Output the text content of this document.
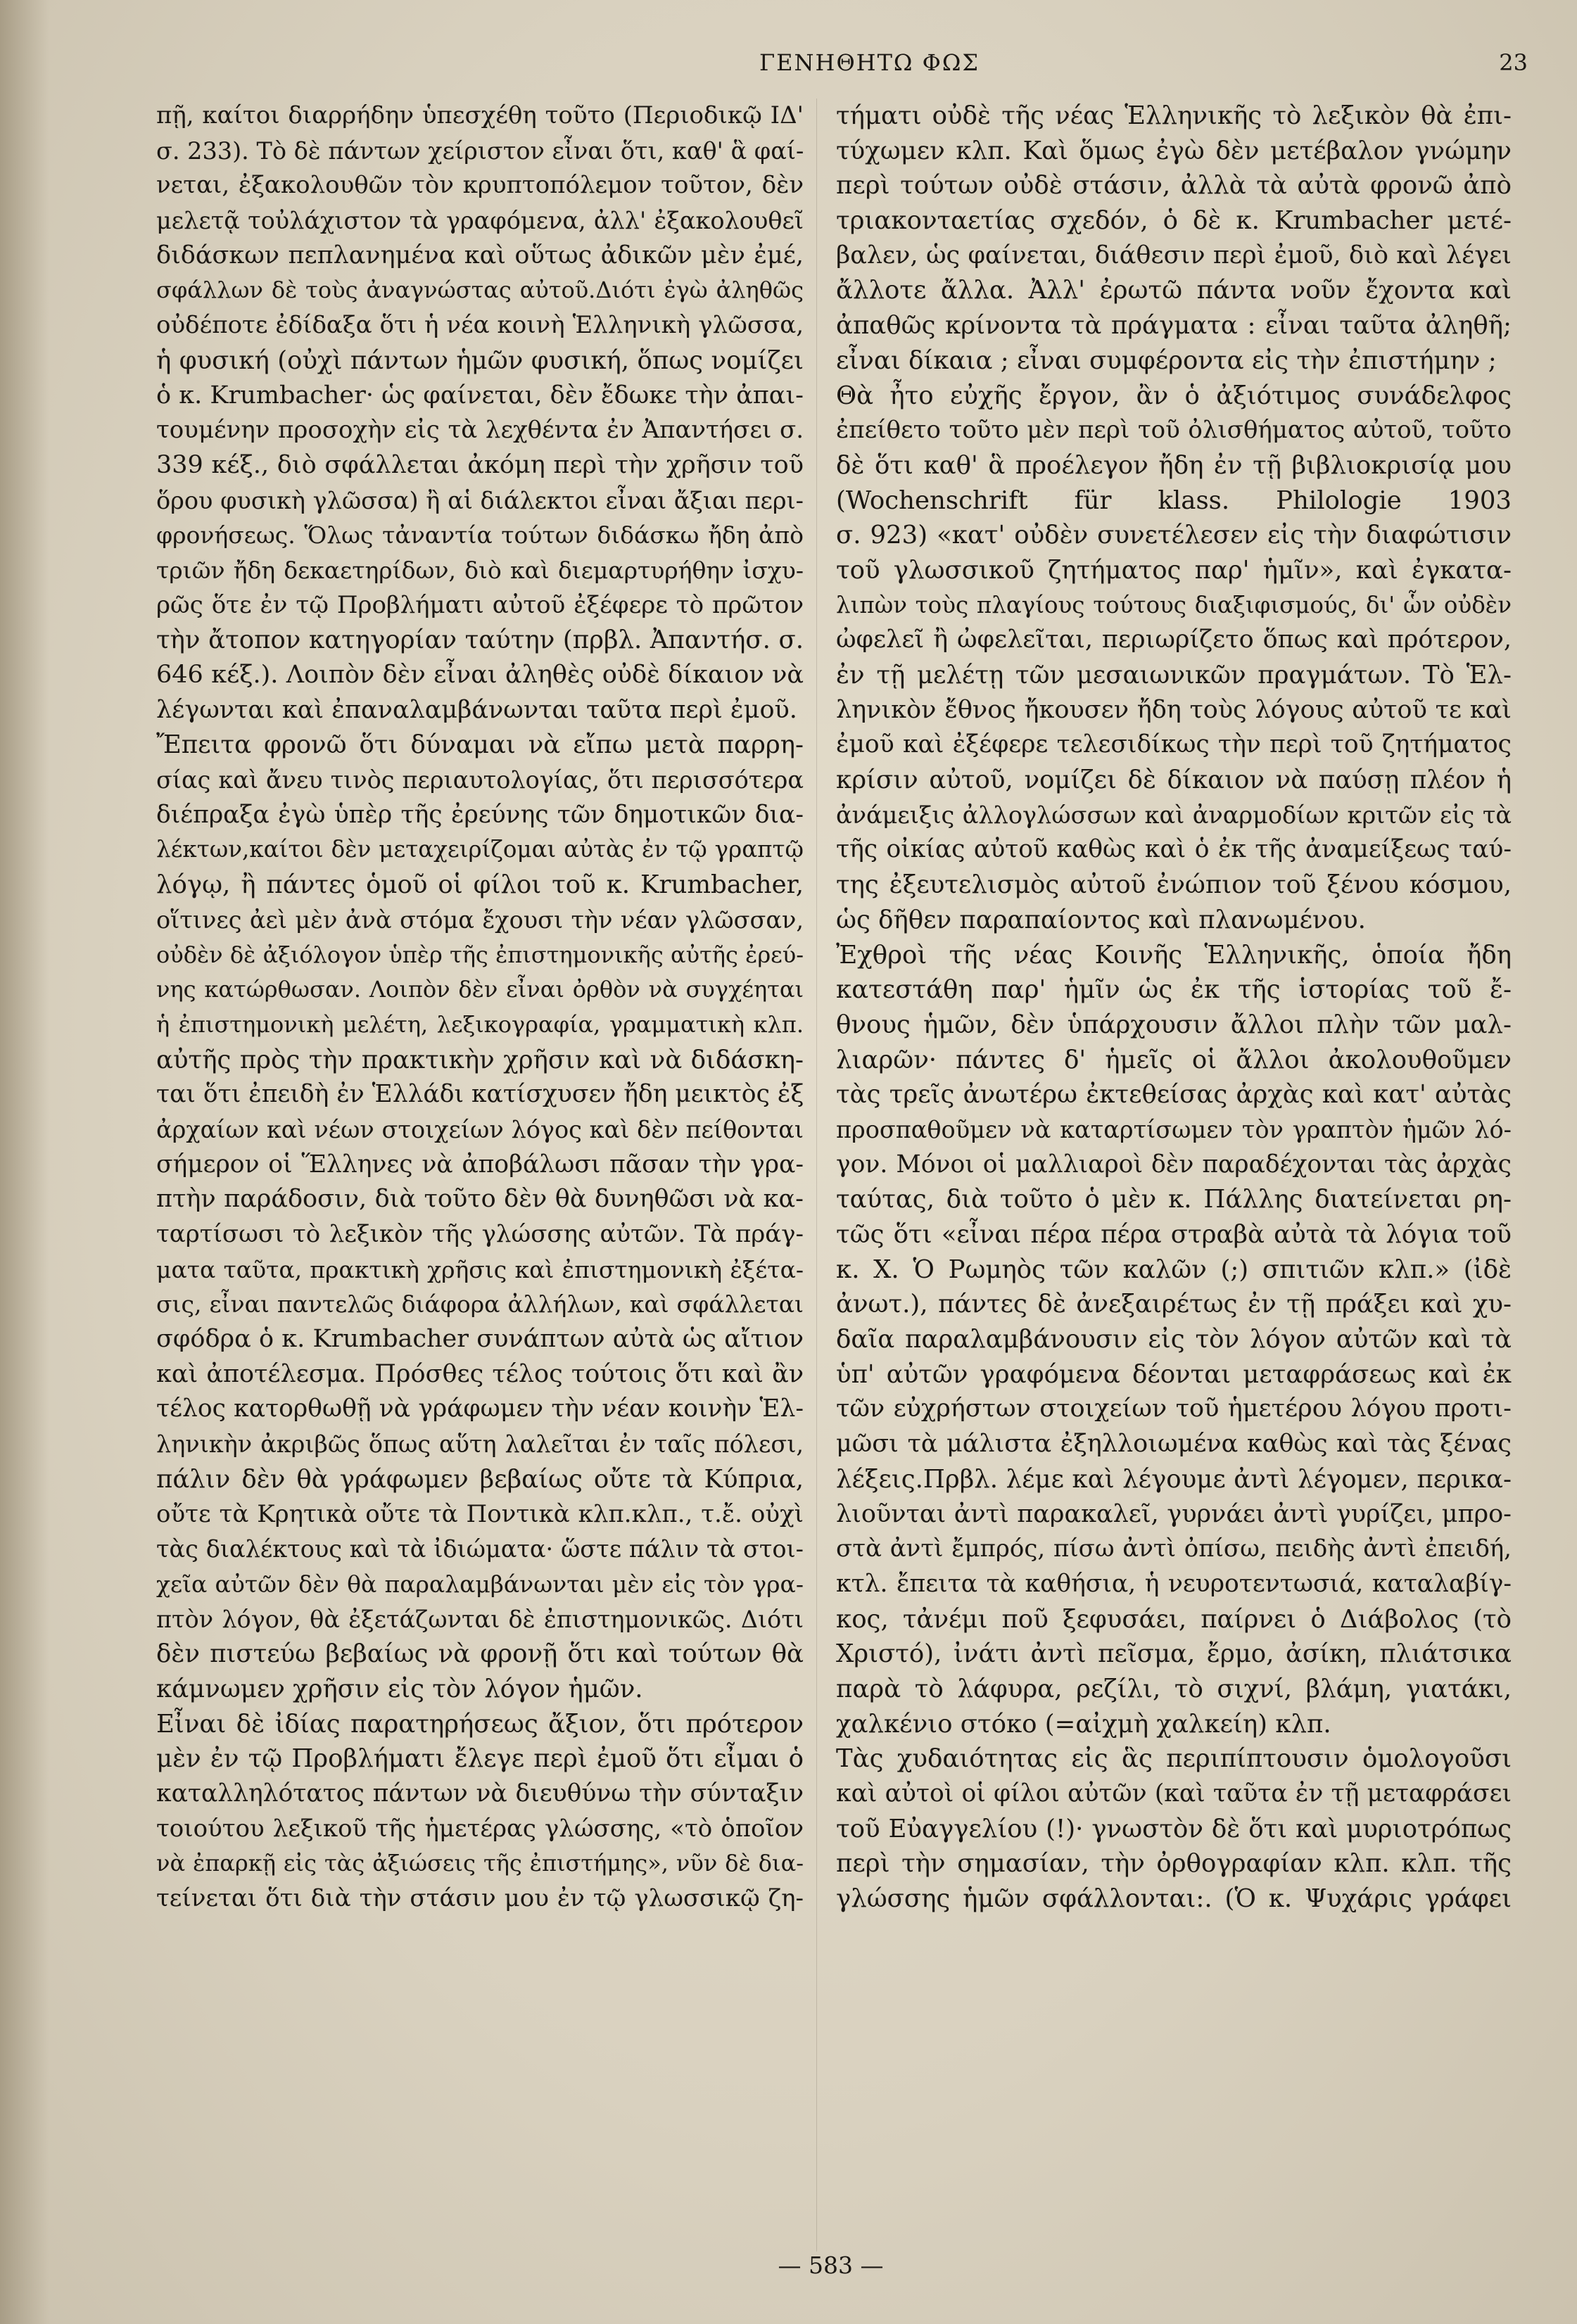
ΓΕΝΗΘΗΤΩ ΦΩΣ	23
πῇ, καίτοι διαρρήδην ὑπεσχέθη τοῦτο (Περιοδικῷ ΙΔ'
σ. 233). Τὸ δὲ πάντων χείριστον εἶναι ὅτι, καθ' ἃ φαί-
νεται, ἐξακολουθῶν τὸν κρυπτοπόλεμον τοῦτον, δὲν
μελετᾷ τοὐλάχιστον τὰ γραφόμενα, ἀλλ' ἐξακολουθεῖ
διδάσκων πεπλανημένα καὶ οὕτως ἀδικῶν μὲν ἐμέ,
σφάλλων δὲ τοὺς ἀναγνώστας αὐτοῦ.Διότι ἐγὼ ἀληθῶς
οὐδέποτε ἐδίδαξα ὅτι ἡ νέα κοινὴ Ἑλληνικὴ γλῶσσα,
ἡ φυσική (οὐχὶ πάντων ἡμῶν φυσική, ὅπως νομίζει
ὁ κ. Krumbacher· ὡς φαίνεται, δὲν ἔδωκε τὴν ἀπαι-
τουμένην προσοχὴν εἰς τὰ λεχθέντα ἐν Ἀπαντήσει σ.
339 κέξ., διὸ σφάλλεται ἀκόμη περὶ τὴν χρῆσιν τοῦ
ὅρου φυσικὴ γλῶσσα) ἢ αἱ διάλεκτοι εἶναι ἄξιαι περι-
φρονήσεως. Ὅλως τἀναντία τούτων διδάσκω ἤδη ἀπὸ
τριῶν ἤδη δεκαετηρίδων, διὸ καὶ διεμαρτυρήθην ἰσχυ-
ρῶς ὅτε ἐν τῷ Προβλήματι αὐτοῦ ἐξέφερε τὸ πρῶτον
τὴν ἄτοπον κατηγορίαν ταύτην (πρβλ. Ἀπαντήσ. σ.
646 κέξ.). Λοιπὸν δὲν εἶναι ἀληθὲς οὐδὲ δίκαιον νὰ
λέγωνται καὶ ἐπαναλαμβάνωνται ταῦτα περὶ ἐμοῦ.
Ἔπειτα φρονῶ ὅτι δύναμαι νὰ εἴπω μετὰ παρρη-
σίας καὶ ἄνευ τινὸς περιαυτολογίας, ὅτι περισσότερα
διέπραξα ἐγὼ ὑπὲρ τῆς ἐρεύνης τῶν δημοτικῶν δια-
λέκτων,καίτοι δὲν μεταχειρίζομαι αὐτὰς ἐν τῷ γραπτῷ
λόγῳ, ἢ πάντες ὁμοῦ οἱ φίλοι τοῦ κ. Krumbacher,
οἵτινες ἀεὶ μὲν ἀνὰ στόμα ἔχουσι τὴν νέαν γλῶσσαν,
οὐδὲν δὲ ἀξιόλογον ὑπὲρ τῆς ἐπιστημονικῆς αὐτῆς ἐρεύ-
νης κατώρθωσαν. Λοιπὸν δὲν εἶναι ὀρθὸν νὰ συγχέηται
ἡ ἐπιστημονικὴ μελέτη, λεξικογραφία, γραμματικὴ κλπ.
αὐτῆς πρὸς τὴν πρακτικὴν χρῆσιν καὶ νὰ διδάσκη-
ται ὅτι ἐπειδὴ ἐν Ἑλλάδι κατίσχυσεν ἤδη μεικτὸς ἐξ
ἀρχαίων καὶ νέων στοιχείων λόγος καὶ δὲν πείθονται
σήμερον οἱ Ἕλληνες νὰ ἀποβάλωσι πᾶσαν τὴν γρα-
πτὴν παράδοσιν, διὰ τοῦτο δὲν θὰ δυνηθῶσι νὰ κα-
ταρτίσωσι τὸ λεξικὸν τῆς γλώσσης αὐτῶν. Τὰ πράγ-
ματα ταῦτα, πρακτικὴ χρῆσις καὶ ἐπιστημονικὴ ἐξέτα-
σις, εἶναι παντελῶς διάφορα ἀλλήλων, καὶ σφάλλεται
σφόδρα ὁ κ. Krumbacher συνάπτων αὐτὰ ὡς αἴτιον
καὶ ἀποτέλεσμα. Πρόσθες τέλος τούτοις ὅτι καὶ ἂν
τέλος κατορθωθῇ νὰ γράφωμεν τὴν νέαν κοινὴν Ἑλ-
ληνικὴν ἀκριβῶς ὅπως αὕτη λαλεῖται ἐν ταῖς πόλεσι,
πάλιν δὲν θὰ γράφωμεν βεβαίως οὔτε τὰ Κύπρια,
οὔτε τὰ Κρητικὰ οὔτε τὰ Ποντικὰ κλπ.κλπ., τ.ἔ. οὐχὶ
τὰς διαλέκτους καὶ τὰ ἰδιώματα· ὥστε πάλιν τὰ στοι-
χεῖα αὐτῶν δὲν θὰ παραλαμβάνωνται μὲν εἰς τὸν γρα-
πτὸν λόγον, θὰ ἐξετάζωνται δὲ ἐπιστημονικῶς. Διότι
δὲν πιστεύω βεβαίως νὰ φρονῇ ὅτι καὶ τούτων θὰ
κάμνωμεν χρῆσιν εἰς τὸν λόγον ἡμῶν.
Εἶναι δὲ ἰδίας παρατηρήσεως ἄξιον, ὅτι πρότερον
μὲν ἐν τῷ Προβλήματι ἔλεγε περὶ ἐμοῦ ὅτι εἶμαι ὁ
καταλληλότατος πάντων νὰ διευθύνω τὴν σύνταξιν
τοιούτου λεξικοῦ τῆς ἡμετέρας γλώσσης, «τὸ ὁποῖον
νὰ ἐπαρκῇ εἰς τὰς ἀξιώσεις τῆς ἐπιστήμης», νῦν δὲ δια-
τείνεται ὅτι διὰ τὴν στάσιν μου ἐν τῷ γλωσσικῷ ζη-
τήματι οὐδὲ τῆς νέας Ἑλληνικῆς τὸ λεξικὸν θὰ ἐπι-
τύχωμεν κλπ. Καὶ ὅμως ἐγὼ δὲν μετέβαλον γνώμην
περὶ τούτων οὐδὲ στάσιν, ἀλλὰ τὰ αὐτὰ φρονῶ ἀπὸ
τριακονταετίας σχεδόν, ὁ δὲ κ. Krumbacher μετέ-
βαλεν, ὡς φαίνεται, διάθεσιν περὶ ἐμοῦ, διὸ καὶ λέγει
ἄλλοτε ἄλλα. Ἀλλ' ἐρωτῶ πάντα νοῦν ἔχοντα καὶ
ἀπαθῶς κρίνοντα τὰ πράγματα : εἶναι ταῦτα ἀληθῆ;
εἶναι δίκαια ; εἶναι συμφέροντα εἰς τὴν ἐπιστήμην ;
Θὰ ἦτο εὐχῆς ἔργον, ἂν ὁ ἀξιότιμος συνάδελφος
ἐπείθετο τοῦτο μὲν περὶ τοῦ ὀλισθήματος αὐτοῦ, τοῦτο
δὲ ὅτι καθ' ἃ προέλεγον ἤδη ἐν τῇ βιβλιοκρισίᾳ μου
(Wochenschrift für klass. Philologie 1903
σ. 923) «κατ' οὐδὲν συνετέλεσεν εἰς τὴν διαφώτισιν
τοῦ γλωσσικοῦ ζητήματος παρ' ἡμῖν», καὶ ἐγκατα-
λιπὼν τοὺς πλαγίους τούτους διαξιφισμούς, δι' ὧν οὐδὲν
ὠφελεῖ ἢ ὠφελεῖται, περιωρίζετο ὅπως καὶ πρότερον,
ἐν τῇ μελέτῃ τῶν μεσαιωνικῶν πραγμάτων. Τὸ Ἑλ-
ληνικὸν ἔθνος ἤκουσεν ἤδη τοὺς λόγους αὐτοῦ τε καὶ
ἐμοῦ καὶ ἐξέφερε τελεσιδίκως τὴν περὶ τοῦ ζητήματος
κρίσιν αὐτοῦ, νομίζει δὲ δίκαιον νὰ παύσῃ πλέον ἡ
ἀνάμειξις ἀλλογλώσσων καὶ ἀναρμοδίων κριτῶν εἰς τὰ
τῆς οἰκίας αὐτοῦ καθὼς καὶ ὁ ἐκ τῆς ἀναμείξεως ταύ-
της ἐξευτελισμὸς αὐτοῦ ἐνώπιον τοῦ ξένου κόσμου,
ὡς δῆθεν παραπαίοντος καὶ πλανωμένου.
Ἐχθροὶ τῆς νέας Κοινῆς Ἑλληνικῆς, ὁποία ἤδη
κατεστάθη παρ' ἡμῖν ὡς ἐκ τῆς ἱστορίας τοῦ ἔ-
θνους ἡμῶν, δὲν ὑπάρχουσιν ἄλλοι πλὴν τῶν μαλ-
λιαρῶν· πάντες δ' ἡμεῖς οἱ ἄλλοι ἀκολουθοῦμεν
τὰς τρεῖς ἀνωτέρω ἐκτεθείσας ἀρχὰς καὶ κατ' αὐτὰς
προσπαθοῦμεν νὰ καταρτίσωμεν τὸν γραπτὸν ἡμῶν λό-
γον. Μόνοι οἱ μαλλιαροὶ δὲν παραδέχονται τὰς ἀρχὰς
ταύτας, διὰ τοῦτο ὁ μὲν κ. Πάλλης διατείνεται ρη-
τῶς ὅτι «εἶναι πέρα πέρα στραβὰ αὐτὰ τὰ λόγια τοῦ
κ. Χ. Ὁ Ρωμηὸς τῶν καλῶν (;) σπιτιῶν κλπ.» (ἰδὲ
ἀνωτ.), πάντες δὲ ἀνεξαιρέτως ἐν τῇ πράξει καὶ χυ-
δαῖα παραλαμβάνουσιν εἰς τὸν λόγον αὐτῶν καὶ τὰ
ὑπ' αὐτῶν γραφόμενα δέονται μεταφράσεως καὶ ἐκ
τῶν εὐχρήστων στοιχείων τοῦ ἡμετέρου λόγου προτι-
μῶσι τὰ μάλιστα ἐξηλλοιωμένα καθὼς καὶ τὰς ξένας
λέξεις.Πρβλ. λέμε καὶ λέγουμε ἀντὶ λέγομεν, περικα-
λιοῦνται ἀντὶ παρακαλεῖ, γυρνάει ἀντὶ γυρίζει, μπρο-
στὰ ἀντὶ ἔμπρός, πίσω ἀντὶ ὀπίσω, πειδὴς ἀντὶ ἐπειδή,
κτλ. ἔπειτα τὰ καθήσια, ἡ νευροτεντωσιά, καταλαβίγ-
κος, τἀνέμι ποῦ ξεφυσάει, παίρνει ὁ Διάβολος (τὸ
Χριστό), ἰνάτι ἀντὶ πεῖσμα, ἔρμο, ἀσίκη, πλιάτσικα
παρὰ τὸ λάφυρα, ρεζίλι, τὸ σιχνί, βλάμη, γιατάκι,
χαλκένιο στόκο (=αἰχμὴ χαλκείη) κλπ.
Τὰς χυδαιότητας εἰς ἃς περιπίπτουσιν ὁμολογοῦσι
καὶ αὐτοὶ οἱ φίλοι αὐτῶν (καὶ ταῦτα ἐν τῇ μεταφράσει
τοῦ Εὐαγγελίου (!)· γνωστὸν δὲ ὅτι καὶ μυριοτρόπως
περὶ τὴν σημασίαν, τὴν ὀρθογραφίαν κλπ. κλπ. τῆς
γλώσσης ἡμῶν σφάλλονται:. (Ὁ κ. Ψυχάρις γράφει
— 583 —
